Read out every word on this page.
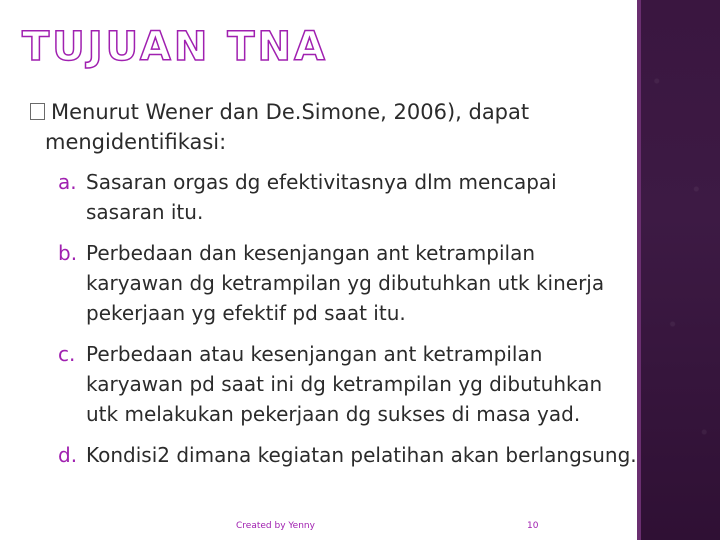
TUJUAN TNA
Menurut Wener dan De.Simone, 2006), dapat
mengidentifikasi:
a. Sasaran orgas dg efektivitasnya dlm mencapai sasaran itu.
b. Perbedaan dan kesenjangan ant ketrampilan karyawan dg ketrampilan yg dibutuhkan utk kinerja pekerjaan yg efektif pd saat itu.
c. Perbedaan atau kesenjangan ant ketrampilan karyawan pd saat ini dg ketrampilan yg dibutuhkan utk melakukan pekerjaan dg sukses di masa yad.
d. Kondisi2 dimana kegiatan pelatihan akan berlangsung.
Created by Yenny	10
